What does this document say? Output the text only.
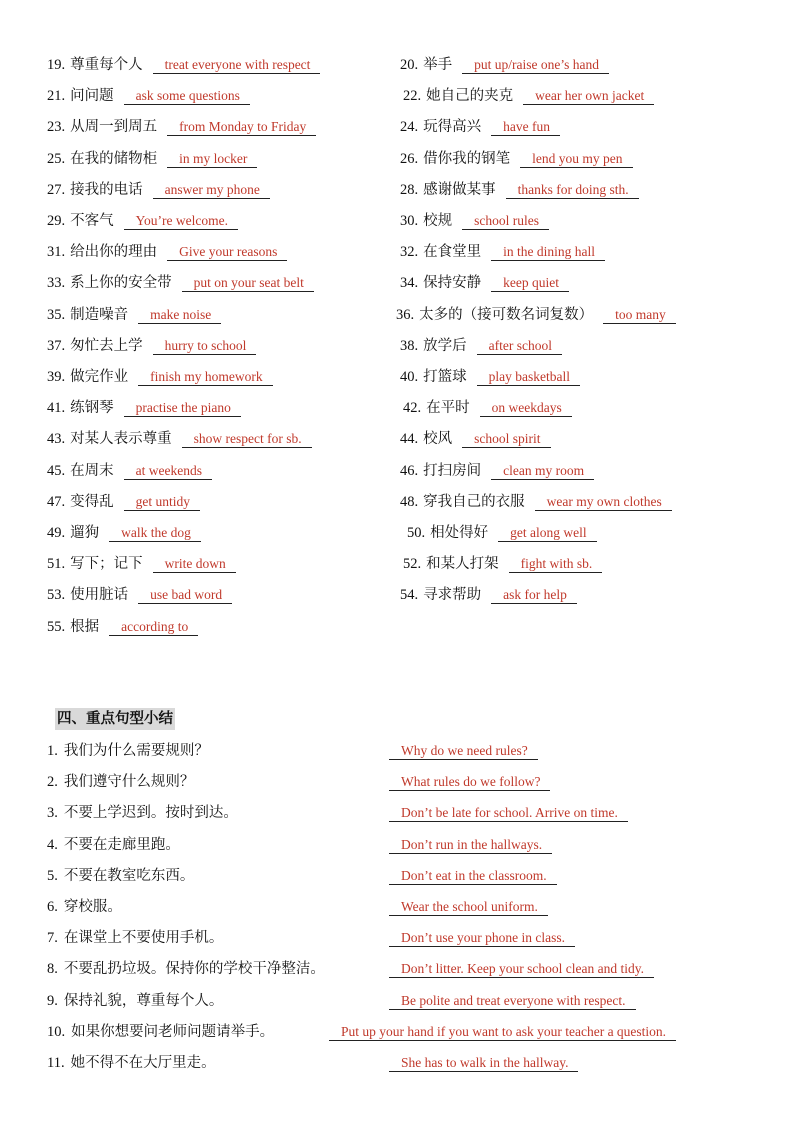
19. 尊重每个人 treat everyone with respect	20. 举手 put up/raise one’s hand
21. 问问题 ask some questions	22. 她自己的夹克 wear her own jacket
23. 从周一到周五 from Monday to Friday	24. 玩得高兴 have fun
25. 在我的储物柜 in my locker	26. 借你我的钢笔 lend you my pen
27. 接我的电话 answer my phone	28. 感谢做某事 thanks for doing sth.
29. 不客气 You’re welcome.	30. 校规 school rules
31. 给出你的理由 Give your reasons	32. 在食堂里 in the dining hall
33. 系上你的安全带 put on your seat belt	34. 保持安静 keep quiet
35. 制造噪音 make noise	36. 太多的（接可数名词复数） too many
37. 匆忙去上学 hurry to school	38. 放学后 after school
39. 做完作业 finish my homework	40. 打篮球 play basketball
41. 练钢琴 practise the piano	42. 在平时 on weekdays
43. 对某人表示尊重 show respect for sb.	44. 校风 school spirit
45. 在周末 at weekends	46. 打扫房间 clean my room
47. 变得乱 get untidy	48. 穿我自己的衣服 wear my own clothes
49. 遛狗 walk the dog	50. 相处得好 get along well
51. 写下；记下 write down	52. 和某人打架 fight with sb.
53. 使用脏话 use bad word	54. 寻求帮助 ask for help
55. 根据 according to
四、重点句型小结
1. 我们为什么需要规则？	Why do we need rules?
2. 我们遵守什么规则？	What rules do we follow?
3. 不要上学迟到。按时到达。	Don’t be late for school. Arrive on time.
4. 不要在走廊里跑。	Don’t run in the hallways.
5. 不要在教室吃东西。	Don’t eat in the classroom.
6. 穿校服。	Wear the school uniform.
7. 在课堂上不要使用手机。	Don’t use your phone in class.
8. 不要乱扔垃圾。保持你的学校干净整洁。	Don’t litter. Keep your school clean and tidy.
9. 保持礼貌，尊重每个人。	Be polite and treat everyone with respect.
10. 如果你想要问老师问题请举手。	Put up your hand if you want to ask your teacher a question.
11. 她不得不在大厅里走。	She has to walk in the hallway.
